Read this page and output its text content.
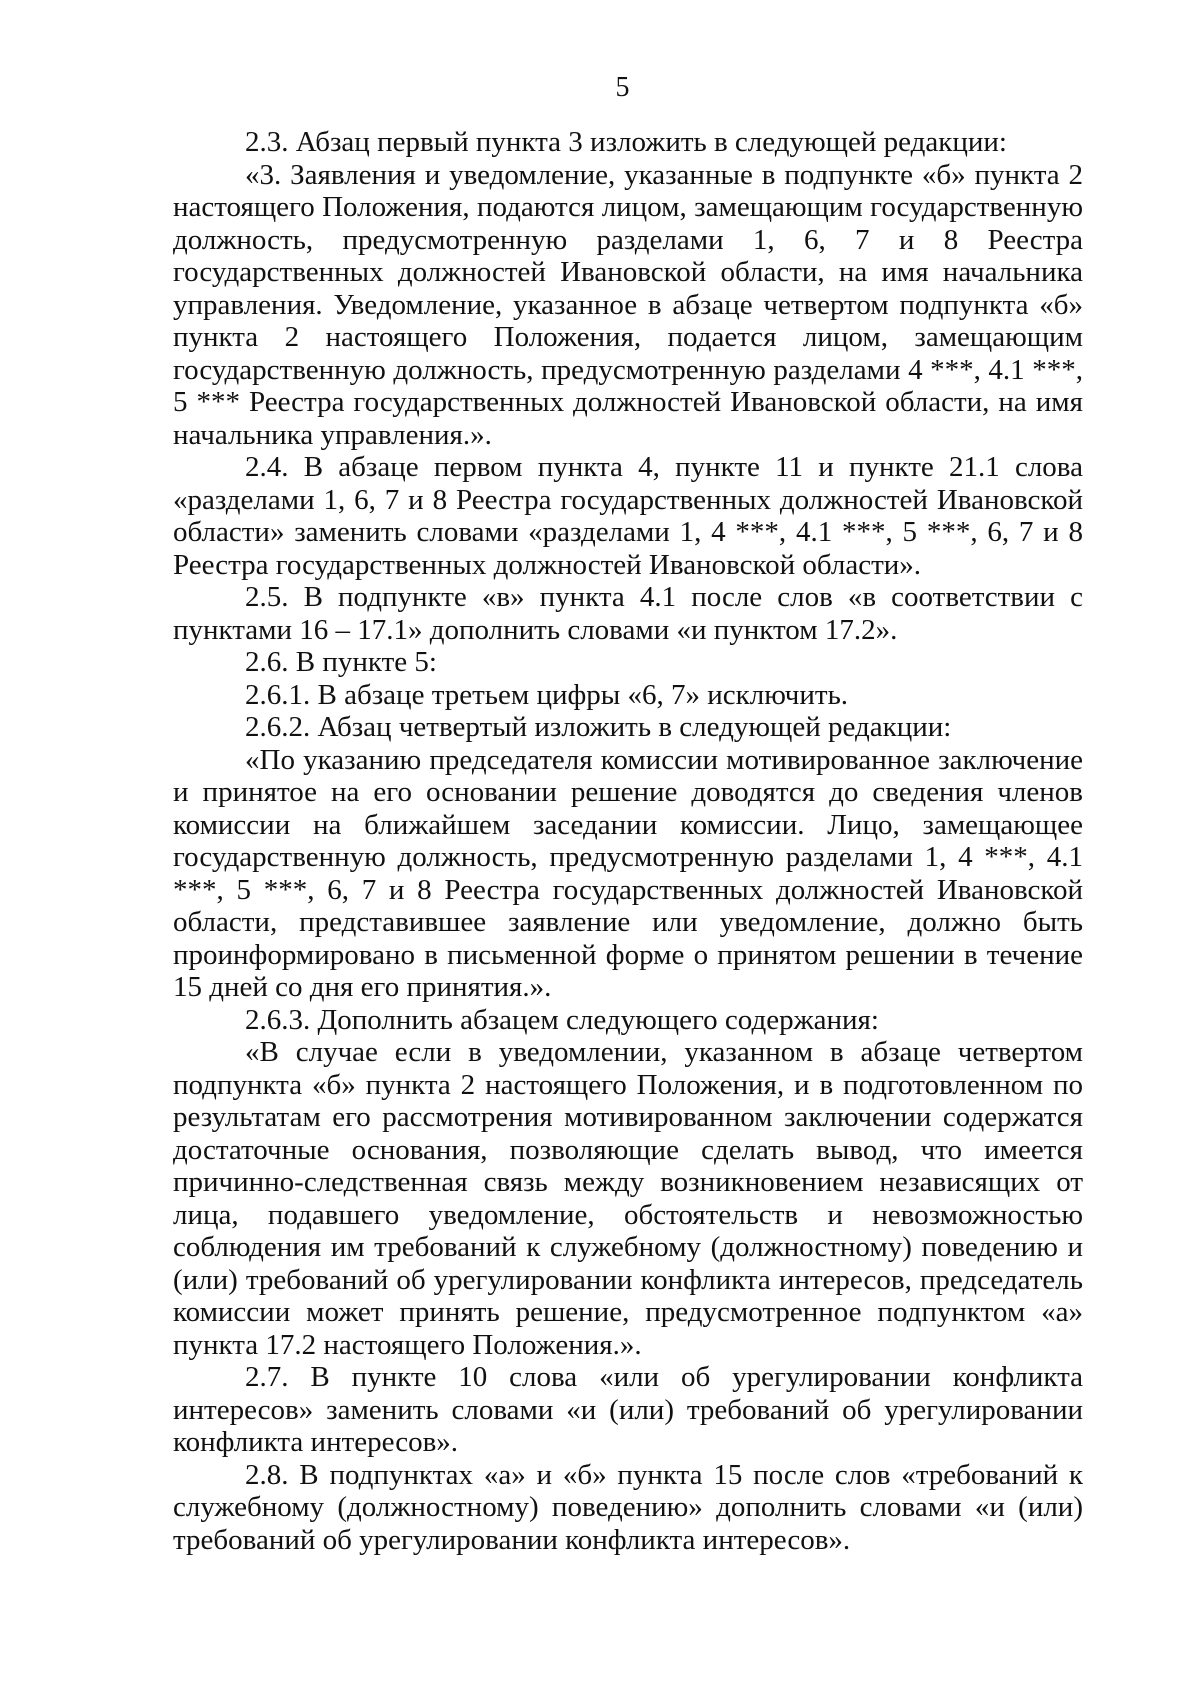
5

2.3. Абзац первый пункта 3 изложить в следующей редакции:

«3. Заявления и уведомление, указанные в подпункте «б» пункта 2 настоящего Положения, подаются лицом, замещающим государственную должность, предусмотренную разделами 1, 6, 7 и 8 Реестра государственных должностей Ивановской области, на имя начальника управления. Уведомление, указанное в абзаце четвертом подпункта «б» пункта 2 настоящего Положения, подается лицом, замещающим государственную должность, предусмотренную разделами 4 ***, 4.1 ***, 5 *** Реестра государственных должностей Ивановской области, на имя начальника управления.».

2.4. В абзаце первом пункта 4, пункте 11 и пункте 21.1 слова «разделами 1, 6, 7 и 8 Реестра государственных должностей Ивановской области» заменить словами «разделами 1, 4 ***, 4.1 ***, 5 ***, 6, 7 и 8 Реестра государственных должностей Ивановской области».

2.5. В подпункте «в» пункта 4.1 после слов «в соответствии с пунктами 16 – 17.1» дополнить словами «и пунктом 17.2».

2.6. В пункте 5:

2.6.1. В абзаце третьем цифры «6, 7» исключить.

2.6.2. Абзац четвертый изложить в следующей редакции:

«По указанию председателя комиссии мотивированное заключение и принятое на его основании решение доводятся до сведения членов комиссии на ближайшем заседании комиссии. Лицо, замещающее государственную должность, предусмотренную разделами 1, 4 ***, 4.1 ***, 5 ***, 6, 7 и 8 Реестра государственных должностей Ивановской области, представившее заявление или уведомление, должно быть проинформировано в письменной форме о принятом решении в течение 15 дней со дня его принятия.».

2.6.3. Дополнить абзацем следующего содержания:

«В случае если в уведомлении, указанном в абзаце четвертом подпункта «б» пункта 2 настоящего Положения, и в подготовленном по результатам его рассмотрения мотивированном заключении содержатся достаточные основания, позволяющие сделать вывод, что имеется причинно-следственная связь между возникновением независящих от лица, подавшего уведомление, обстоятельств и невозможностью соблюдения им требований к служебному (должностному) поведению и (или) требований об урегулировании конфликта интересов, председатель комиссии может принять решение, предусмотренное подпунктом «а» пункта 17.2 настоящего Положения.».

2.7. В пункте 10 слова «или об урегулировании конфликта интересов» заменить словами «и (или) требований об урегулировании конфликта интересов».

2.8. В подпунктах «а» и «б» пункта 15 после слов «требований к служебному (должностному) поведению» дополнить словами «и (или) требований об урегулировании конфликта интересов».
